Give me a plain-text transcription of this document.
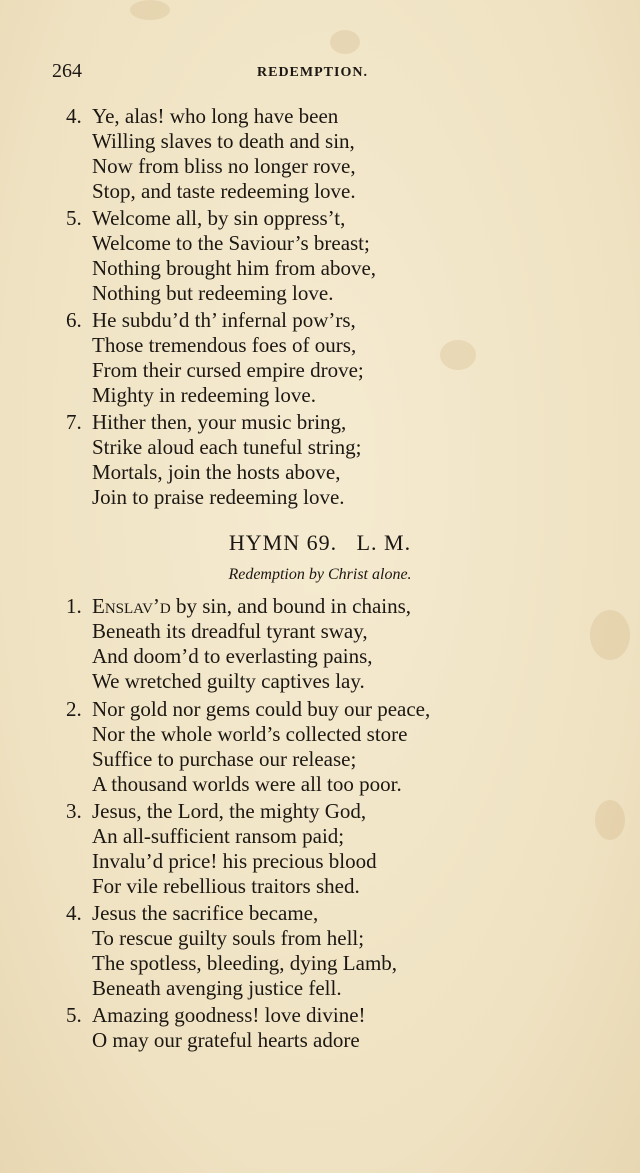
264	REDEMPTION.
4. Ye, alas! who long have been
Willing slaves to death and sin,
Now from bliss no longer rove,
Stop, and taste redeeming love.
5. Welcome all, by sin oppress’t,
Welcome to the Saviour’s breast;
Nothing brought him from above,
Nothing but redeeming love.
6. He subdu’d th’ infernal pow’rs,
Those tremendous foes of ours,
From their cursed empire drove;
Mighty in redeeming love.
7. Hither then, your music bring,
Strike aloud each tuneful string;
Mortals, join the hosts above,
Join to praise redeeming love.
HYMN 69.   L. M.
Redemption by Christ alone.
1. Enslav’d by sin, and bound in chains,
Beneath its dreadful tyrant sway,
And doom’d to everlasting pains,
We wretched guilty captives lay.
2. Nor gold nor gems could buy our peace,
Nor the whole world’s collected store
Suffice to purchase our release;
A thousand worlds were all too poor.
3. Jesus, the Lord, the mighty God,
An all-sufficient ransom paid;
Invalu’d price! his precious blood
For vile rebellious traitors shed.
4. Jesus the sacrifice became,
To rescue guilty souls from hell;
The spotless, bleeding, dying Lamb,
Beneath avenging justice fell.
5. Amazing goodness! love divine!
O may our grateful hearts adore
